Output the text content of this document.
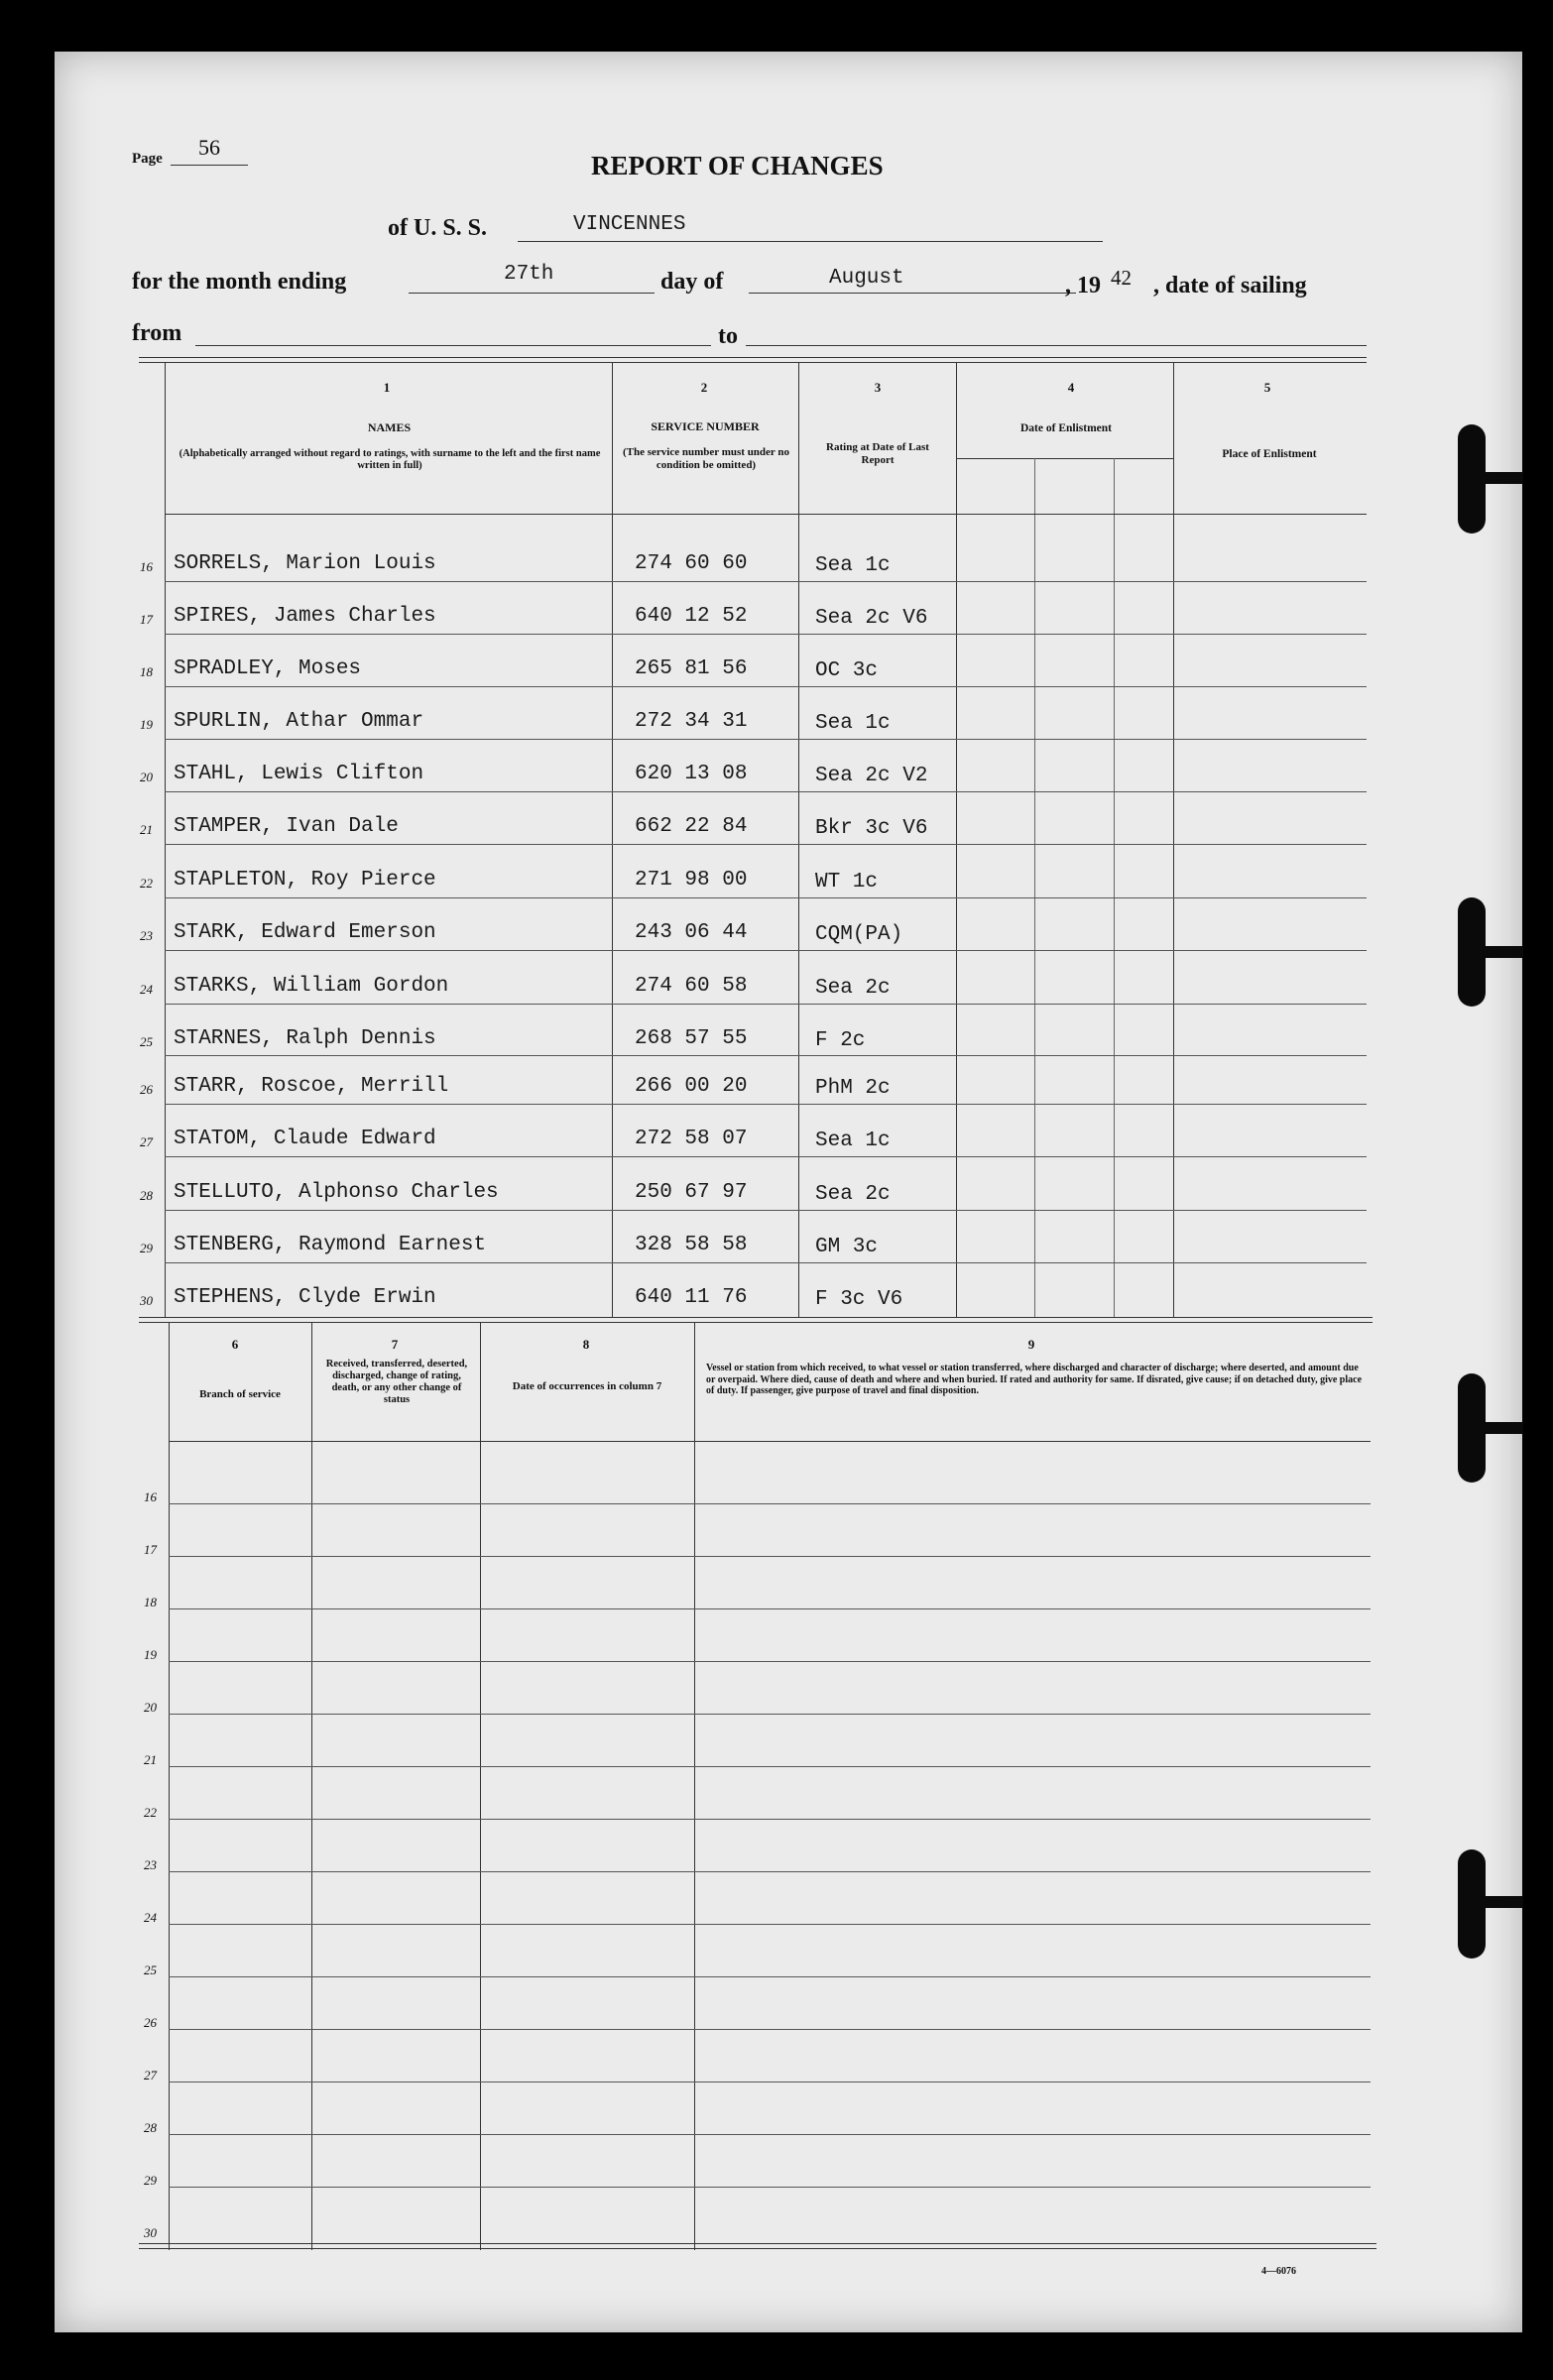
Page 56
REPORT OF CHANGES
of U. S. S.	VINCENNES
for the month ending	27th	day of	August	, 19 42 , date of sailing
from	to
1
NAMES
(Alphabetically arranged without regard to ratings, with surname to the left and the first name written in full)
2
SERVICE NUMBER
(The service number must under no condition be omitted)
3
Rating at Date of Last Report
4
Date of Enlistment
5
Place of Enlistment
16 SORRELS, Marion Louis	274 60 60	Sea 1c
17 SPIRES, James Charles	640 12 52	Sea 2c V6
18 SPRADLEY, Moses	265 81 56	OC 3c
19 SPURLIN, Athar Ommar	272 34 31	Sea 1c
20 STAHL, Lewis Clifton	620 13 08	Sea 2c V2
21 STAMPER, Ivan Dale	662 22 84	Bkr 3c V6
22 STAPLETON, Roy Pierce	271 98 00	WT 1c
23 STARK, Edward Emerson	243 06 44	CQM(PA)
24 STARKS, William Gordon	274 60 58	Sea 2c
25 STARNES, Ralph Dennis	268 57 55	F 2c
26 STARR, Roscoe, Merrill	266 00 20	PhM 2c
27 STATOM, Claude Edward	272 58 07	Sea 1c
28 STELLUTO, Alphonso Charles	250 67 97	Sea 2c
29 STENBERG, Raymond Earnest	328 58 58	GM 3c
30 STEPHENS, Clyde Erwin	640 11 76	F 3c V6
6
Branch of service
7
Received, transferred, deserted, discharged, change of rating, death, or any other change of status
8
Date of occurrences in column 7
9
Vessel or station from which received, to what vessel or station transferred, where discharged and character of discharge; where deserted, and amount due or overpaid. Where died, cause of death and where and when buried. If rated and authority for same. If disrated, give cause; if on detached duty, give place of duty. If passenger, give purpose of travel and final disposition.
16
17
18
19
20
21
22
23
24
25
26
27
28
29
30
4—6076
